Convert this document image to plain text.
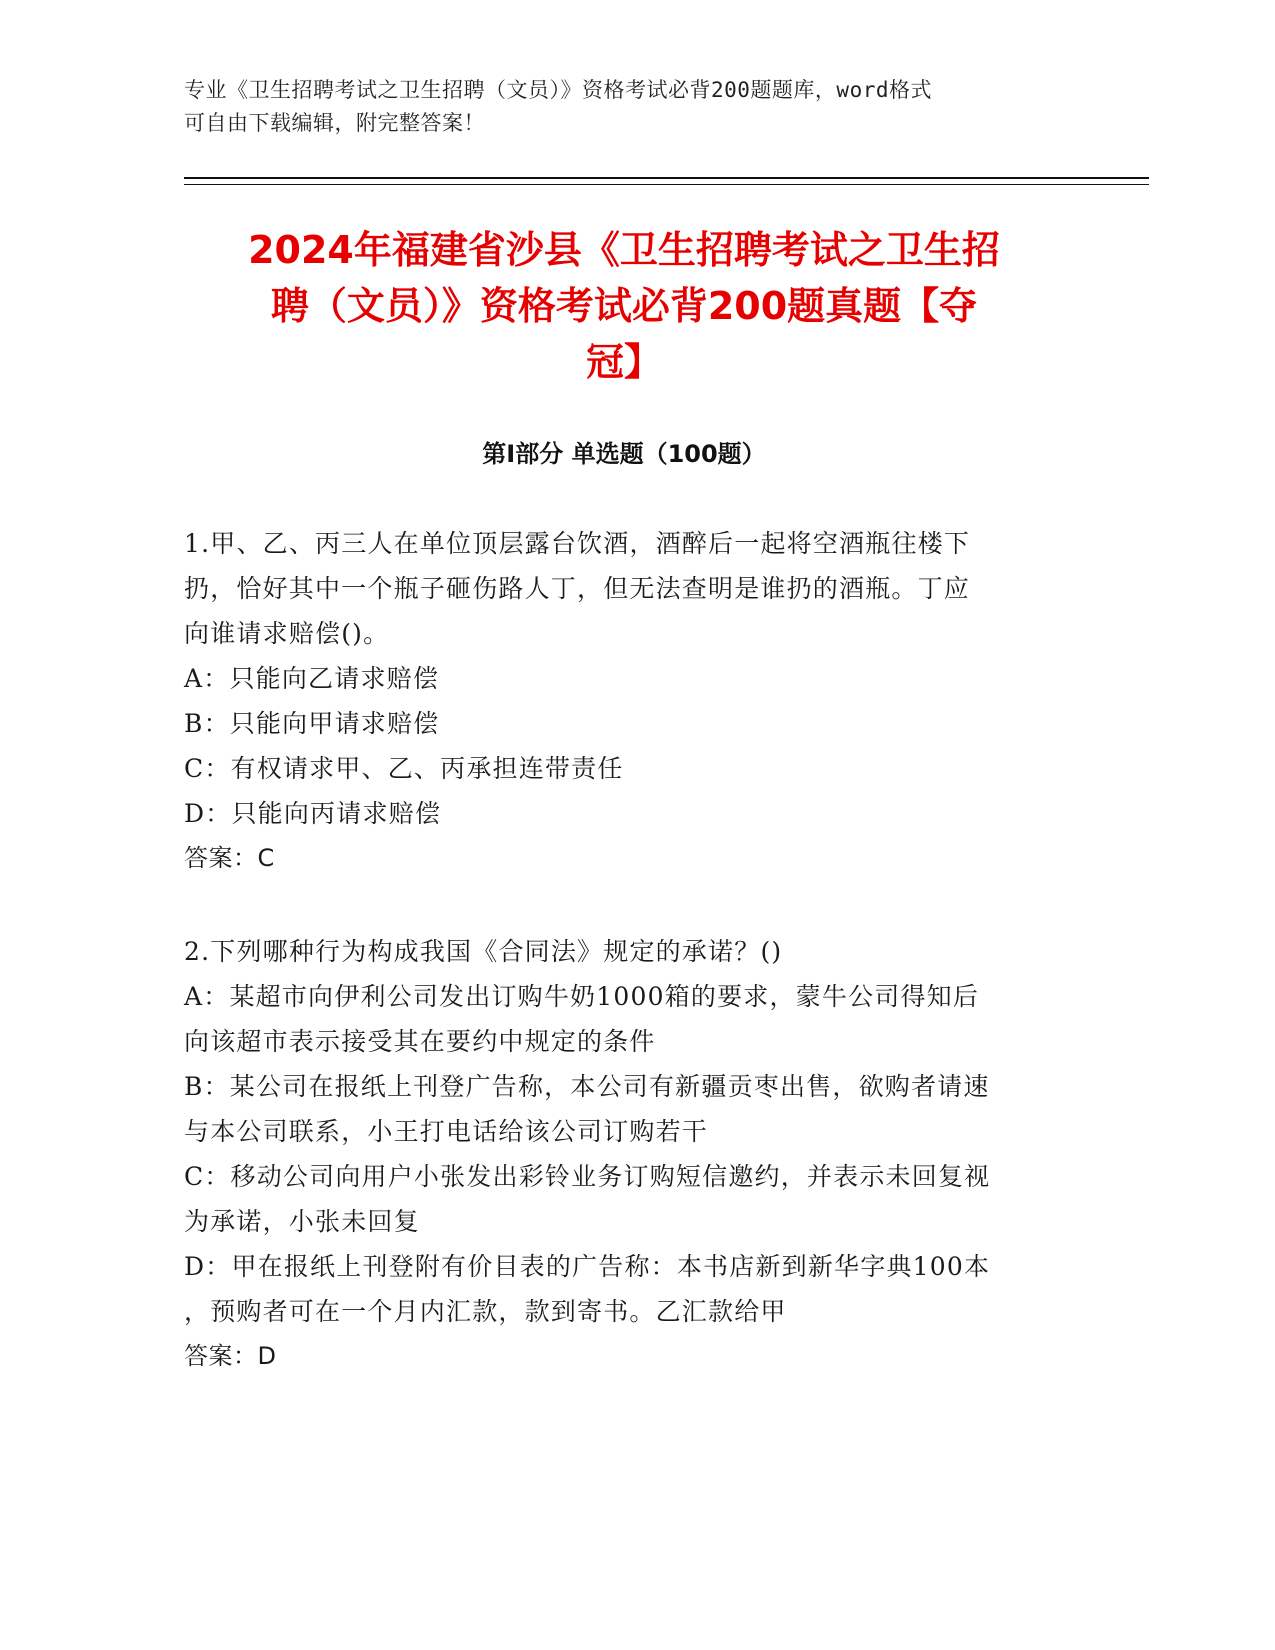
专业《卫生招聘考试之卫生招聘（文员）》资格考试必背200题题库，word格式
可自由下载编辑，附完整答案！
2024年福建省沙县《卫生招聘考试之卫生招
聘（文员）》资格考试必背200题真题【夺
冠】
第Ⅰ部分 单选题（100题）
1.甲、乙、丙三人在单位顶层露台饮酒，酒醉后一起将空酒瓶往楼下
扔，恰好其中一个瓶子砸伤路人丁，但无法查明是谁扔的酒瓶。丁应
向谁请求赔偿()。
A：只能向乙请求赔偿
B：只能向甲请求赔偿
C：有权请求甲、乙、丙承担连带责任
D：只能向丙请求赔偿
答案：C
2.下列哪种行为构成我国《合同法》规定的承诺？()
A：某超市向伊利公司发出订购牛奶1000箱的要求，蒙牛公司得知后
向该超市表示接受其在要约中规定的条件
B：某公司在报纸上刊登广告称，本公司有新疆贡枣出售，欲购者请速
与本公司联系，小王打电话给该公司订购若干
C：移动公司向用户小张发出彩铃业务订购短信邀约，并表示未回复视
为承诺，小张未回复
D：甲在报纸上刊登附有价目表的广告称：本书店新到新华字典100本
，预购者可在一个月内汇款，款到寄书。乙汇款给甲
答案：D
